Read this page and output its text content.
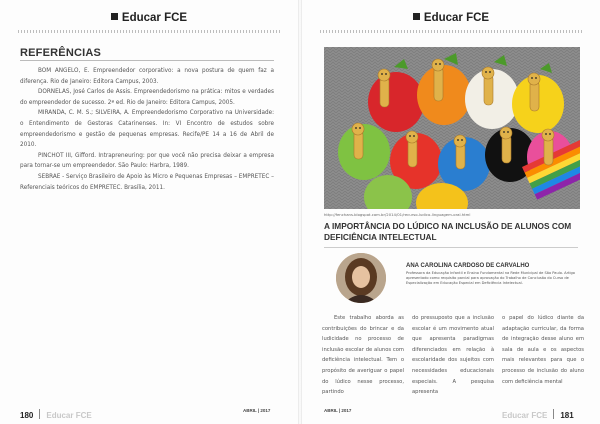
Educar FCE
REFERÊNCIAS

BOM ANGELO, E. Empreendedor corporativo: a nova postura de quem faz a diferença. Rio de Janeiro: Editora Campus, 2003.

DORNELAS, José Carlos de Assis. Empreendedorismo na prática: mitos e verdades do empreendedor de sucesso. 2ª ed. Rio de Janeiro: Editora Campus, 2005.

MIRANDA, C. M. S.; SILVEIRA, A. Empreendedorismo Corporativo na Universidade: o Entendimento de Gestoras Catarinenses. In: VI Encontro de estudos sobre empreendedorismo e gestão de pequenas empresas. Recife/PE 14 a 16 de Abril de 2010.

PINCHOT III, Gifford. Intrapreneuring: por que você não precisa deixar a empresa para tornar-se um empreendedor. São Paulo: Harbra, 1989.

SEBRAE - Serviço Brasileiro de Apoio às Micro e Pequenas Empresas – EMPRETEC – Referenciais teóricos do EMPRETEC. Brasília, 2011.

180 Educar FCE
ABRIL | 2017
Educar FCE
http://fenchans.blogspot.com.br/2014/01/recurso-ludico-linguagem-oral.html
A IMPORTÂNCIA DO LÚDICO NA INCLUSÃO DE ALUNOS COM DEFICIÊNCIA INTELECTUAL
ANA CAROLINA CARDOSO DE CARVALHO
Professora da Educação Infantil e Ensino Fundamental na Rede Municipal de São Paulo. Artigo apresentado como requisito parcial para aprovação do Trabalho de Conclusão do Curso de Especialização em Educação Especial em Deficiência Intelectual.

Este trabalho aborda as contribuições do brincar e da ludicidade no processo de inclusão escolar de alunos com deficiência intelectual. Tem o propósito de averiguar o papel do lúdico nesse processo, partindo

do pressuposto que a inclusão escolar é um movimento atual que apresenta paradigmas diferenciados em relação à escolaridade dos sujeitos com necessidades educacionais especiais. A pesquisa apresenta

o papel do lúdico diante da adaptação curricular, da forma de integração desse aluno em sala de aula e os aspectos mais relevantes para que o processo de inclusão do aluno com deficiência mental

ABRIL | 2017
Educar FCE 181
